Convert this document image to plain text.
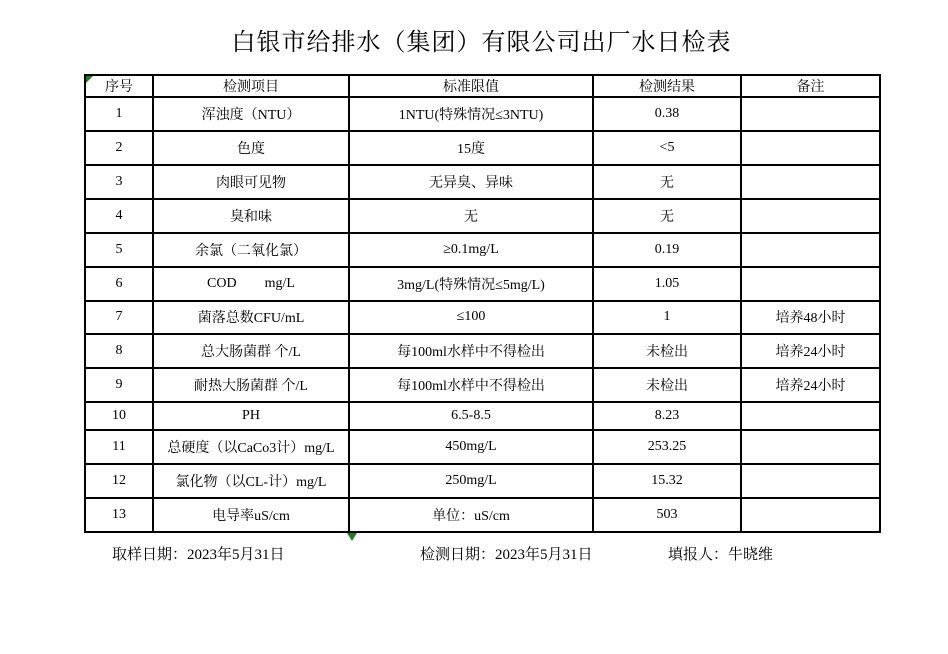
白银市给排水（集团）有限公司出厂水日检表
序号	检测项目	标准限值	检测结果	备注
1	浑浊度（NTU）	1NTU(特殊情况≤3NTU)	0.38	
2	色度	15度	<5	
3	肉眼可见物	无异臭、异味	无	
4	臭和味	无	无	
5	余氯（二氧化氯）	≥0.1mg/L	0.19	
6	COD        mg/L	3mg/L(特殊情况≤5mg/L)	1.05	
7	菌落总数CFU/mL	≤100	1	培养48小时
8	总大肠菌群 个/L	每100ml水样中不得检出	未检出	培养24小时
9	耐热大肠菌群 个/L	每100ml水样中不得检出	未检出	培养24小时
10	PH	6.5-8.5	8.23	
11	总硬度（以CaCo3计）mg/L	450mg/L	253.25	
12	氯化物（以CL-计）mg/L	250mg/L	15.32	
13	电导率uS/cm	单位：uS/cm	503	
取样日期：2023年5月31日	检测日期：2023年5月31日	填报人：牛晓维
